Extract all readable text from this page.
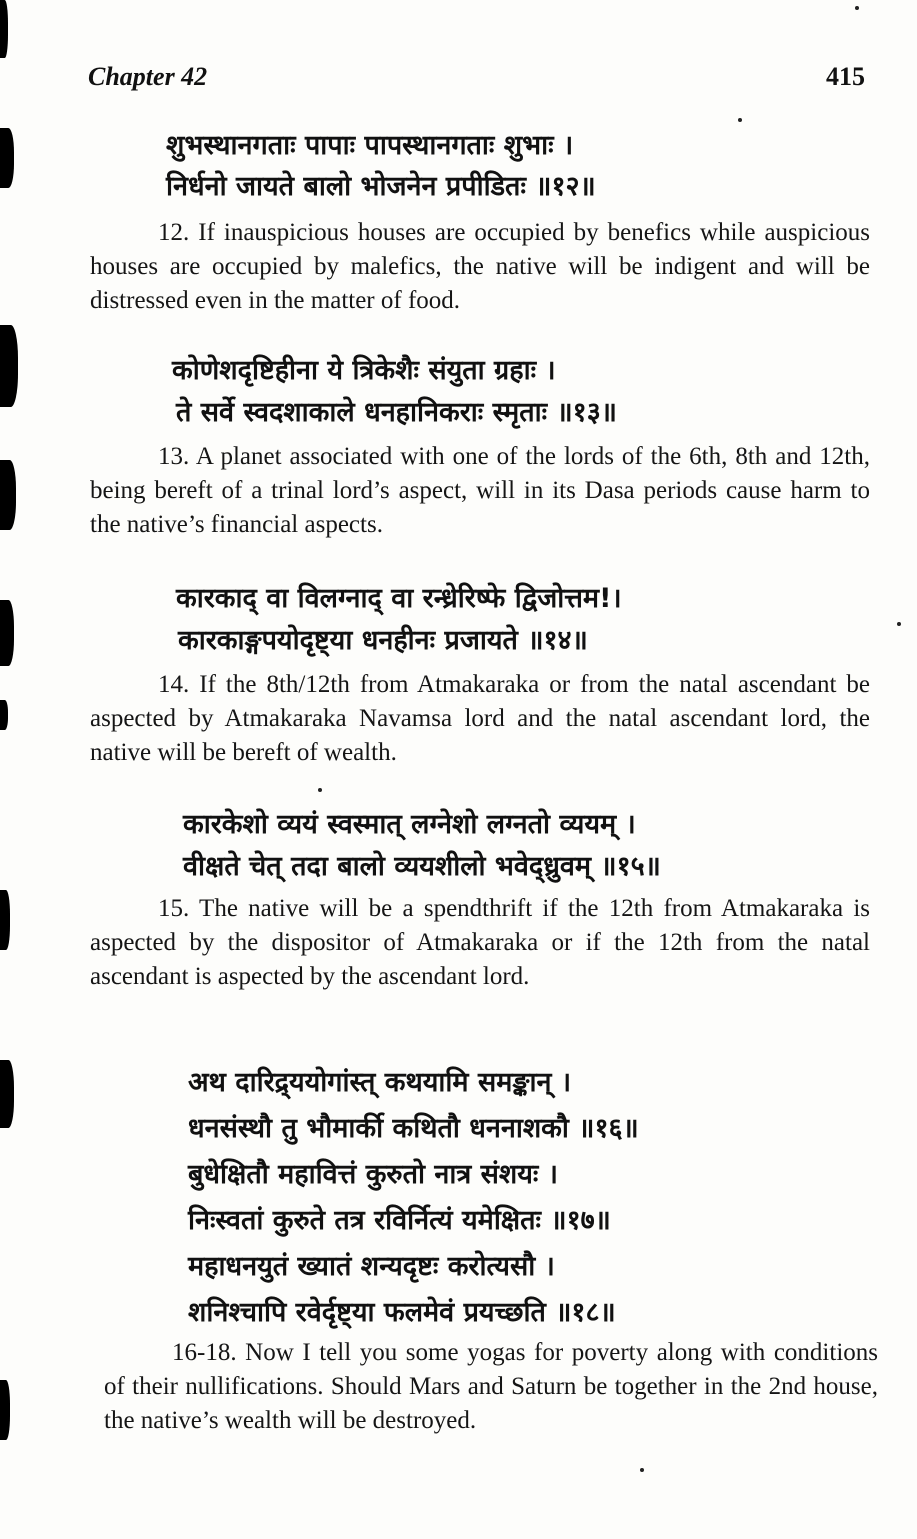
Chapter 42	415
शुभस्थानगताः पापाः पापस्थानगताः शुभाः ।
निर्धनो जायते बालो भोजनेन प्रपीडितः ॥१२॥
12. If inauspicious houses are occupied by benefics while auspicious houses are occupied by malefics, the native will be indigent and will be distressed even in the matter of food.
कोणेशदृष्टिहीना ये त्रिकेशैः संयुता ग्रहाः ।
ते सर्वे स्वदशाकाले धनहानिकराः स्मृताः ॥१३॥
13. A planet associated with one of the lords of the 6th, 8th and 12th, being bereft of a trinal lord’s aspect, will in its Dasa periods cause harm to the native’s financial aspects.
कारकाद् वा विलग्नाद् वा रन्ध्रेरिष्फे द्विजोत्तम!।
कारकाङ्गपयोदृष्ट्या धनहीनः प्रजायते ॥१४॥
14. If the 8th/12th from Atmakaraka or from the natal ascendant be aspected by Atmakaraka Navamsa lord and the natal ascendant lord, the native will be bereft of wealth.
कारकेशो व्ययं स्वस्मात् लग्नेशो लग्नतो व्ययम् ।
वीक्षते चेत् तदा बालो व्ययशीलो भवेद्ध्रुवम् ॥१५॥
15. The native will be a spendthrift if the 12th from Atmakaraka is aspected by the dispositor of Atmakaraka or if the 12th from the natal ascendant is aspected by the ascendant lord.
अथ दारिद्र्ययोगांस्त् कथयामि समङ्कान् ।
धनसंस्थौ तु भौमार्की कथितौ धननाशकौ ॥१६॥
बुधेक्षितौ महावित्तं कुरुतो नात्र संशयः ।
निःस्वतां कुरुते तत्र रविर्नित्यं यमेक्षितः ॥१७॥
महाधनयुतं ख्यातं शन्यदृष्टः करोत्यसौ ।
शनिश्चापि रवेर्दृष्ट्या फलमेवं प्रयच्छति ॥१८॥
16-18. Now I tell you some yogas for poverty along with conditions of their nullifications. Should Mars and Saturn be together in the 2nd house, the native’s wealth will be destroyed.
